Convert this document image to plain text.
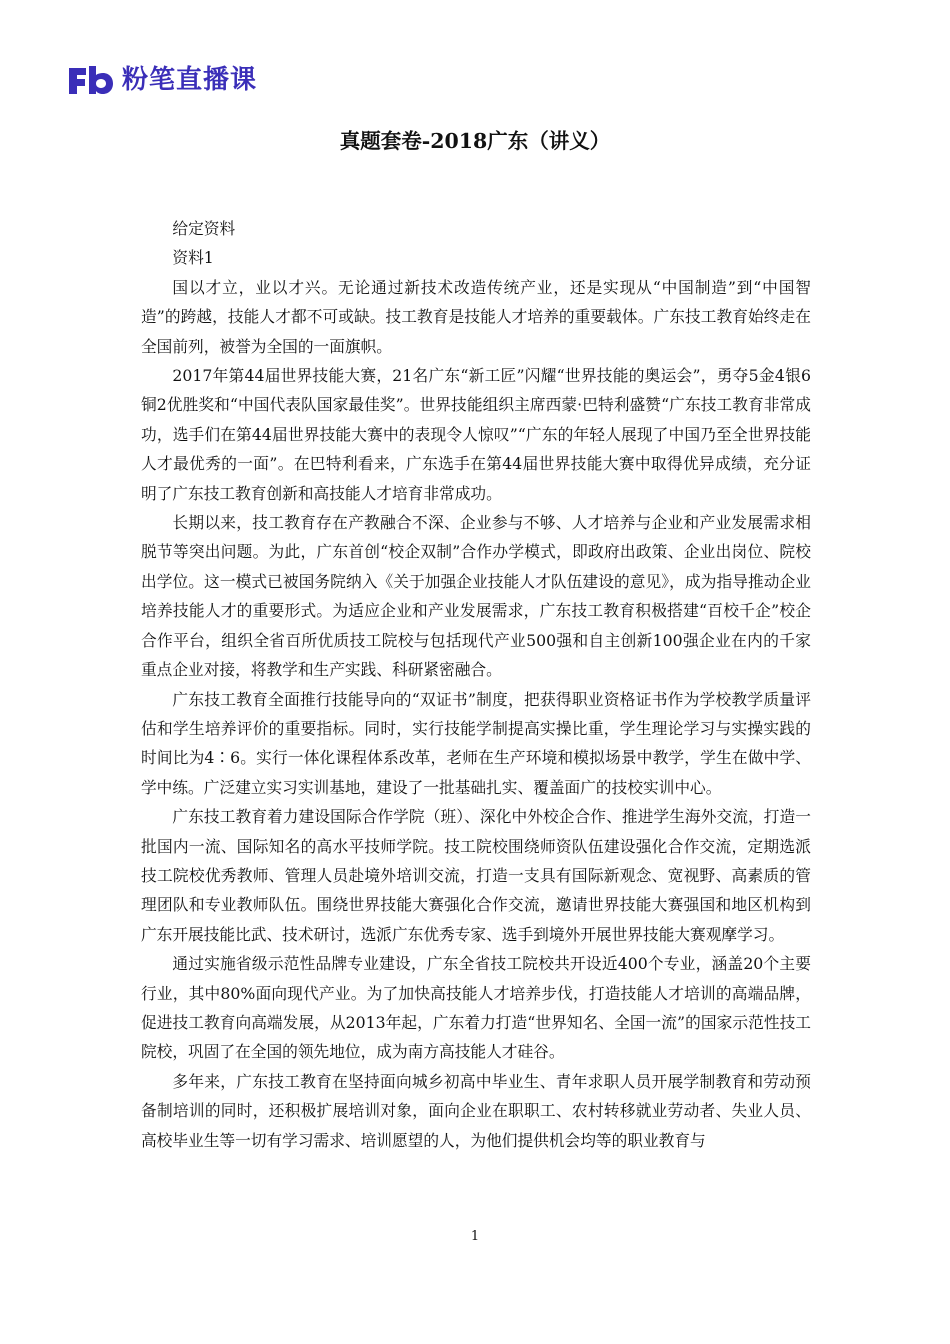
粉笔直播课
真题套卷-2018广东（讲义）

给定资料

资料1

国以才立，业以才兴。无论通过新技术改造传统产业，还是实现从“中国制造”到“中国智造”的跨越，技能人才都不可或缺。技工教育是技能人才培养的重要载体。广东技工教育始终走在全国前列，被誉为全国的一面旗帜。

2017年第44届世界技能大赛，21名广东“新工匠”闪耀“世界技能的奥运会”，勇夺5金4银6铜2优胜奖和“中国代表队国家最佳奖”。世界技能组织主席西蒙·巴特利盛赞“广东技工教育非常成功，选手们在第44届世界技能大赛中的表现令人惊叹”“广东的年轻人展现了中国乃至全世界技能人才最优秀的一面”。在巴特利看来，广东选手在第44届世界技能大赛中取得优异成绩，充分证明了广东技工教育创新和高技能人才培育非常成功。

长期以来，技工教育存在产教融合不深、企业参与不够、人才培养与企业和产业发展需求相脱节等突出问题。为此，广东首创“校企双制”合作办学模式，即政府出政策、企业出岗位、院校出学位。这一模式已被国务院纳入《关于加强企业技能人才队伍建设的意见》，成为指导推动企业培养技能人才的重要形式。为适应企业和产业发展需求，广东技工教育积极搭建“百校千企”校企合作平台，组织全省百所优质技工院校与包括现代产业500强和自主创新100强企业在内的千家重点企业对接，将教学和生产实践、科研紧密融合。

广东技工教育全面推行技能导向的“双证书”制度，把获得职业资格证书作为学校教学质量评估和学生培养评价的重要指标。同时，实行技能学制提高实操比重，学生理论学习与实操实践的时间比为4∶6。实行一体化课程体系改革，老师在生产环境和模拟场景中教学，学生在做中学、学中练。广泛建立实习实训基地，建设了一批基础扎实、覆盖面广的技校实训中心。

广东技工教育着力建设国际合作学院（班）、深化中外校企合作、推进学生海外交流，打造一批国内一流、国际知名的高水平技师学院。技工院校围绕师资队伍建设强化合作交流，定期选派技工院校优秀教师、管理人员赴境外培训交流，打造一支具有国际新观念、宽视野、高素质的管理团队和专业教师队伍。围绕世界技能大赛强化合作交流，邀请世界技能大赛强国和地区机构到广东开展技能比武、技术研讨，选派广东优秀专家、选手到境外开展世界技能大赛观摩学习。

通过实施省级示范性品牌专业建设，广东全省技工院校共开设近400个专业，涵盖20个主要行业，其中80%面向现代产业。为了加快高技能人才培养步伐，打造技能人才培训的高端品牌，促进技工教育向高端发展，从2013年起，广东着力打造“世界知名、全国一流”的国家示范性技工院校，巩固了在全国的领先地位，成为南方高技能人才硅谷。

多年来，广东技工教育在坚持面向城乡初高中毕业生、青年求职人员开展学制教育和劳动预备制培训的同时，还积极扩展培训对象，面向企业在职职工、农村转移就业劳动者、失业人员、高校毕业生等一切有学习需求、培训愿望的人，为他们提供机会均等的职业教育与

1
